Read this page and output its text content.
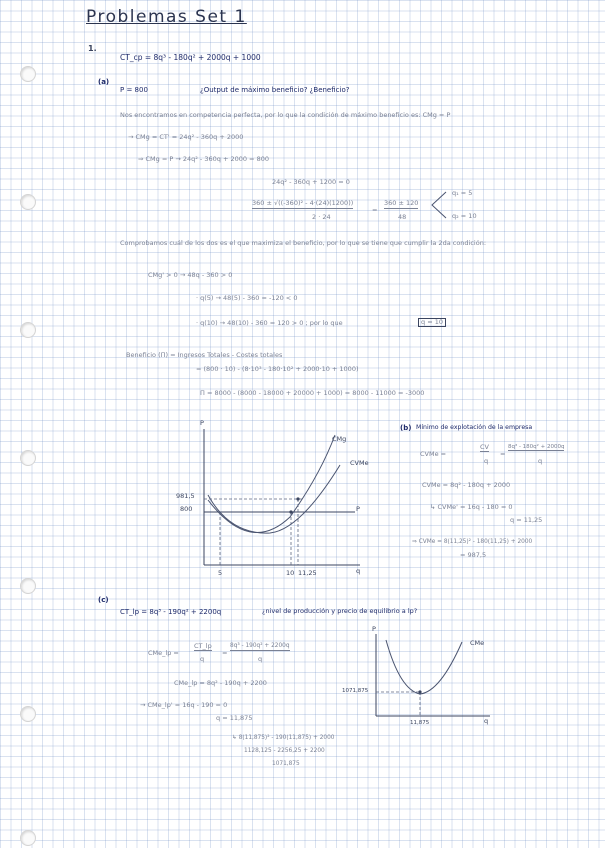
Problemas Set 1
1.
CT_cp = 8q³ - 180q² + 2000q + 1000
(a)
P = 800	¿Output de máximo beneficio? ¿Beneficio?
Nos encontramos en competencia perfecta, por lo que la condición de máximo beneficio es: CMg = P
→ CMg = CT' = 24q² - 360q + 2000
⇒ CMg = P → 24q² - 360q + 2000 = 800
24q² - 360q + 1200 = 0
360 ± √((-360)² - 4·(24)(1200))
2 · 24
=
360 ± 120
48
q₁ = 5
q₂ = 10
Comprobamos cuál de los dos es el que maximiza el beneficio, por lo que se tiene que cumplir la 2da condición:
CMg' > 0 → 48q - 360 > 0
· q(5) → 48(5) - 360 = -120 < 0
· q(10) → 48(10) - 360 = 120 > 0 ; por lo que	q = 10
Beneficio (Π) = Ingresos Totales - Costes totales
= (800 · 10) - (8·10³ - 180·10² + 2000·10 + 1000)
Π = 8000 - (8000 - 18000 + 20000 + 1000) = 8000 - 11000 = -3000
P
q
CMg
CVMe
981,5
800	P
5	10 11,25
(b) Mínimo de explotación de la empresa
CVMe =
CV
q
=
8q³ - 180q² + 2000q
q
CVMe = 8q² - 180q + 2000
↳ CVMe' = 16q - 180 = 0
q = 11,25
⇒ CVMe = 8(11,25)² - 180(11,25) + 2000
= 987,5
(c)
CT_lp = 8q³ - 190q² + 2200q	¿nivel de producción y precio de equilibrio a lp?
CMe_lp =
CT_lp
q
=
8q³ - 190q² + 2200q
q
CMe_lp = 8q² - 190q + 2200
→ CMe_lp' = 16q - 190 = 0
q = 11,875
↳ 8(11,875)² - 190(11,875) + 2000
1128,125 - 2256,25 + 2200
1071,875
P
q
CMe
1071,875
11,875
